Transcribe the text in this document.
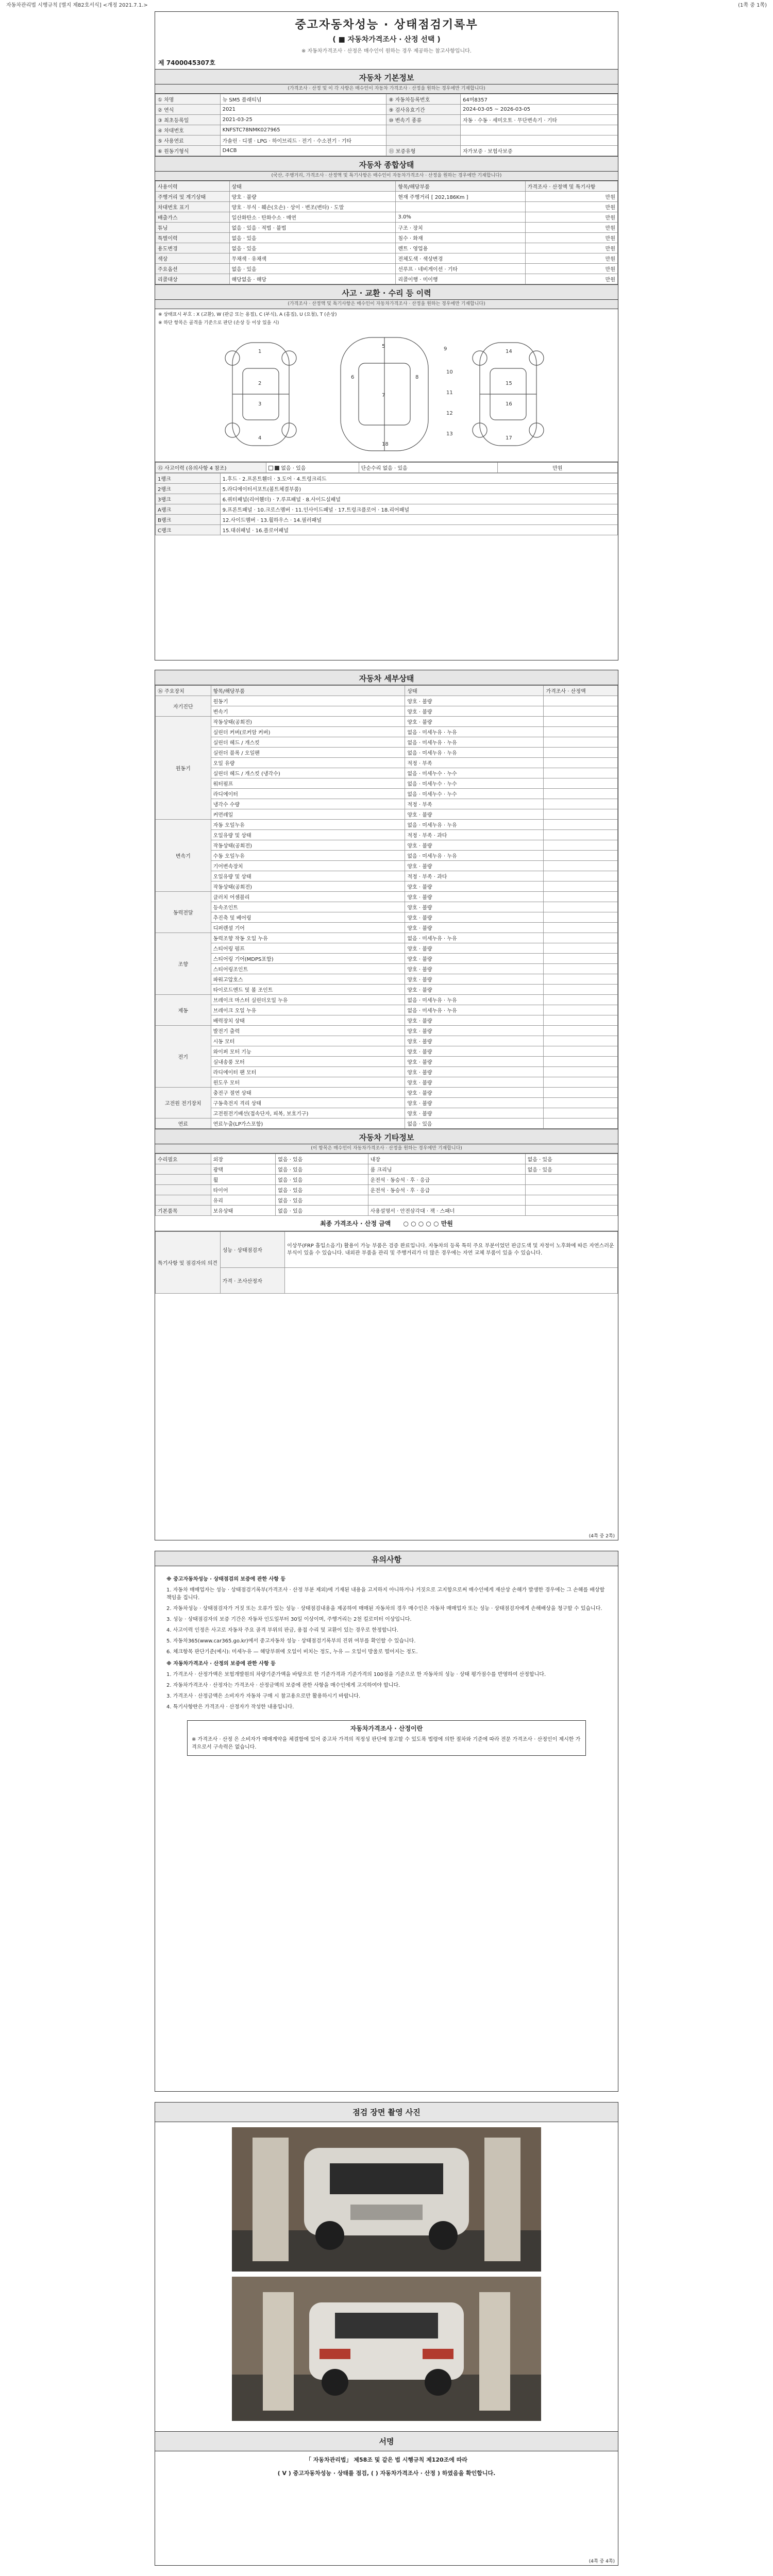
자동차관리법 시행규칙 [별지 제82호서식] <개정 2021.7.1.>	(1쪽 중 1쪽)
중고자동차성능 · 상태점검기록부
( ■ 자동차가격조사 · 산정 선택 )
※ 자동차가격조사 · 산정은 매수인이 원하는 경우 제공하는 참고사항입니다.
제 7400045307호
자동차 기본정보
(가격조사 · 산정 및 이 각 사항은 매수인이 자동차 가격조사 · 산정을 원하는 경우에만 기재합니다)
① 차명	뉴 SM5 플래티넘	⑧ 자동차등록번호	64머8357
② 연식	2021	⑨ 검사유효기간	2024-03-05 ~ 2026-03-05
③ 최초등록일	2021-03-25	⑩ 변속기 종류	자동 · 수동 · 세미오토 · 무단변속기 · 기타
④ 차대번호	KNFSTC78NMK027965		
⑤ 사용연료	가솔린 · 디젤 · LPG · 하이브리드 · 전기 · 수소전기 · 기타		
⑥ 원동기형식	D4CB	⑪ 보증유형	자가보증 · 보험사보증
자동차 종합상태
(국산, 주행거리, 가격조사 · 산정액 및 특기사항은 매수인이 자동차가격조사 · 산정을 원하는 경우에만 기재합니다)
사용이력	상태	항목/해당부품	가격조사 · 산정액 및 특기사항
주행거리 및 계기상태	양호 · 불량	현재 주행거리 [ 202,186Km ]	만원
차대번호 표기	양호 · 부식 · 훼손(오손) · 상이 · 변조(변타) · 도말		만원
배출가스	일산화탄소 · 탄화수소 · 매연	3.0%	만원
튜닝	없음 · 있음 · 적법 · 불법	구조 · 장치	만원
특별이력	없음 · 있음	침수 · 화재	만원
용도변경	없음 · 있음	렌트 · 영업용	만원
색상	무채색 · 유채색	전체도색 · 색상변경	만원
주요옵션	없음 · 있음	선루프 · 네비게이션 · 기타	만원
리콜대상	해당없음 · 해당	리콜이행 · 미이행	만원
사고 · 교환 · 수리 등 이력
(가격조사 · 산정액 및 특기사항은 매수인이 자동차가격조사 · 산정을 원하는 경우에만 기재합니다)
※ 상태표시 부호 : X (교환), W (판금 또는 용접), C (부식), A (흠집), U (요철), T (손상)
※ 하단 항목은 골격을 기준으로 판단 (손상 등 이상 있을 시)
1
2
3
4
5
6
7
8
9
10
11
12
13
14
15
16
17
18
⑮ 사고이력 (유의사항 4 참조)	없음 · 있음	단순수리 없음 · 있음	만원
1랭크	1.후드 · 2.프론트휀더 · 3.도어 · 4.트렁크리드
2랭크	5.라디에이터서포트(볼트체결부품)
3랭크	6.쿼터패널(리어휀더) · 7.루프패널 · 8.사이드실패널
A랭크	9.프론트패널 · 10.크로스멤버 · 11.인사이드패널 · 17.트렁크플로어 · 18.리어패널
B랭크	12.사이드멤버 · 13.휠하우스 · 14.필러패널
C랭크	15.대쉬패널 · 16.플로어패널
자동차 세부상태
⑯ 주요장치	항목/해당부품	상태	가격조사 · 산정액
자기진단	원동기	양호 · 불량	
	변속기	양호 · 불량	
원동기	작동상태(공회전)	양호 · 불량	
	실린더 커버(로커암 커버)	없음 · 미세누유 · 누유	
	실린더 헤드 / 개스킷	없음 · 미세누유 · 누유	
	실린더 블록 / 오일팬	없음 · 미세누유 · 누유	
	오일 유량	적정 · 부족	
	실린더 헤드 / 개스킷 (냉각수)	없음 · 미세누수 · 누수	
	워터펌프	없음 · 미세누수 · 누수	
	라디에이터	없음 · 미세누수 · 누수	
	냉각수 수량	적정 · 부족	
	커먼레일	양호 · 불량	
변속기	자동 오일누유	없음 · 미세누유 · 누유	
	오일유량 및 상태	적정 · 부족 · 과다	
	작동상태(공회전)	양호 · 불량	
	수동 오일누유	없음 · 미세누유 · 누유	
	기어변속장치	양호 · 불량	
	오일유량 및 상태	적정 · 부족 · 과다	
	작동상태(공회전)	양호 · 불량	
동력전달	클러치 어셈블리	양호 · 불량	
	등속조인트	양호 · 불량	
	추진축 및 베어링	양호 · 불량	
	디퍼렌셜 기어	양호 · 불량	
조향	동력조향 작동 오일 누유	없음 · 미세누유 · 누유	
	스티어링 펌프	양호 · 불량	
	스티어링 기어(MDPS포함)	양호 · 불량	
	스티어링조인트	양호 · 불량	
	파워고압호스	양호 · 불량	
	타이로드엔드 및 볼 조인트	양호 · 불량	
제동	브레이크 마스터 실린더오일 누유	없음 · 미세누유 · 누유	
	브레이크 오일 누유	없음 · 미세누유 · 누유	
	배력장치 상태	양호 · 불량	
전기	발전기 출력	양호 · 불량	
	시동 모터	양호 · 불량	
	와이퍼 모터 기능	양호 · 불량	
	실내송풍 모터	양호 · 불량	
	라디에이터 팬 모터	양호 · 불량	
	윈도우 모터	양호 · 불량	
고전원 전기장치	충전구 절연 상태	양호 · 불량	
	구동축전지 격리 상태	양호 · 불량	
	고전원전기배선(접속단자, 피복, 보호기구)	양호 · 불량	
연료	연료누출(LP가스포함)	없음 · 있음	
자동차 기타정보
(이 항목은 매수인이 자동차가격조사 · 산정을 원하는 경우에만 기재합니다)
수리필요	외장	없음 · 있음	내장	없음 · 있음
	광택	없음 · 있음	룸 크리닝	없음 · 있음
	휠	없음 · 있음	운전석 · 동승석 · 후 · 응급	
	타이어	없음 · 있음	운전석 · 동승석 · 후 · 응급	
	유리	없음 · 있음		
기본품목	보유상태	없음 · 있음	사용설명서 · 안전삼각대 · 잭 · 스패너	
최종 가격조사 · 산정 금액 ○ ○ ○ ○ ○ 만원
특기사항 및 점검자의 의견	성능 · 상태점검자	이상무(FRP 흡입소음기) 활용이 가능 부품은 검증 완료입니다. 자동차의 등록 특히 주요 부분이었던 판금도색 및 자정이 노후화에 따른 자연스러운 부식이 있을 수 있습니다. 내외관 부품을 관리 및 주행거리가 더 많은 경우에는 자연 교체 부품이 있을 수 있습니다.
	가격 · 조사산정자	
(4쪽 중 2쪽)
유의사항
※ 중고자동차성능 · 상태점검의 보증에 관한 사항 등

1. 자동차 매매업자는 성능 · 상태점검기록부(가격조사 · 산정 부분 제외)에 기재된 내용을 고지하지 아니하거나 거짓으로 고지함으로써 매수인에게 재산상 손해가 발생한 경우에는 그 손해를 배상할 책임을 집니다.

2. 자동차성능 · 상태점검자가 거짓 또는 오류가 있는 성능 · 상태점검내용을 제공하여 매매된 자동차의 경우 매수인은 자동차 매매업자 또는 성능 · 상태점검자에게 손해배상을 청구할 수 있습니다.

3. 성능 · 상태점검자의 보증 기간은 자동차 인도일부터 30일 이상이며, 주행거리는 2천 킬로미터 이상입니다.

4. 사고이력 인정은 사고로 자동차 주요 골격 부위의 판금, 용접 수리 및 교환이 있는 경우로 한정합니다.

5. 자동차365(www.car365.go.kr)에서 중고자동차 성능 · 상태점검기록부의 진위 여부를 확인할 수 있습니다.

6. 체크항목 판단기준(예시): 미세누유 — 해당부위에 오일이 비치는 정도, 누유 — 오일이 방울로 떨어지는 정도.

※ 자동차가격조사 · 산정의 보증에 관한 사항 등

1. 가격조사 · 산정가액은 보험개발원의 차량기준가액을 바탕으로 한 기준가격과 기준가격의 100점을 기준으로 한 자동차의 성능 · 상태 평가점수를 반영하여 산정합니다.

2. 자동차가격조사 · 산정자는 가격조사 · 산정금액의 보증에 관한 사항을 매수인에게 고지하여야 합니다.

3. 가격조사 · 산정금액은 소비자가 자동차 구매 시 참고용으로만 활용하시기 바랍니다.

4. 특기사항란은 가격조사 · 산정자가 작성한 내용입니다.

자동차가격조사 · 산정이란
※ 가격조사 · 산정 은 소비자가 매매계약을 체결함에 있어 중고차 가격의 적정성 판단에 참고할 수 있도록 법령에 의한 절차와 기준에 따라 전문 가격조사 · 산정인이 제시한 가격으로서 구속력은 없습니다.
점검 장면 촬영 사진
서명
「 자동차관리법」 제58조 및 같은 법 시행규칙 제120조에 따라
( V ) 중고자동차성능 · 상태를 점검, ( ) 자동차가격조사 · 산정 ) 하였음을 확인합니다.
(4쪽 중 4쪽)
